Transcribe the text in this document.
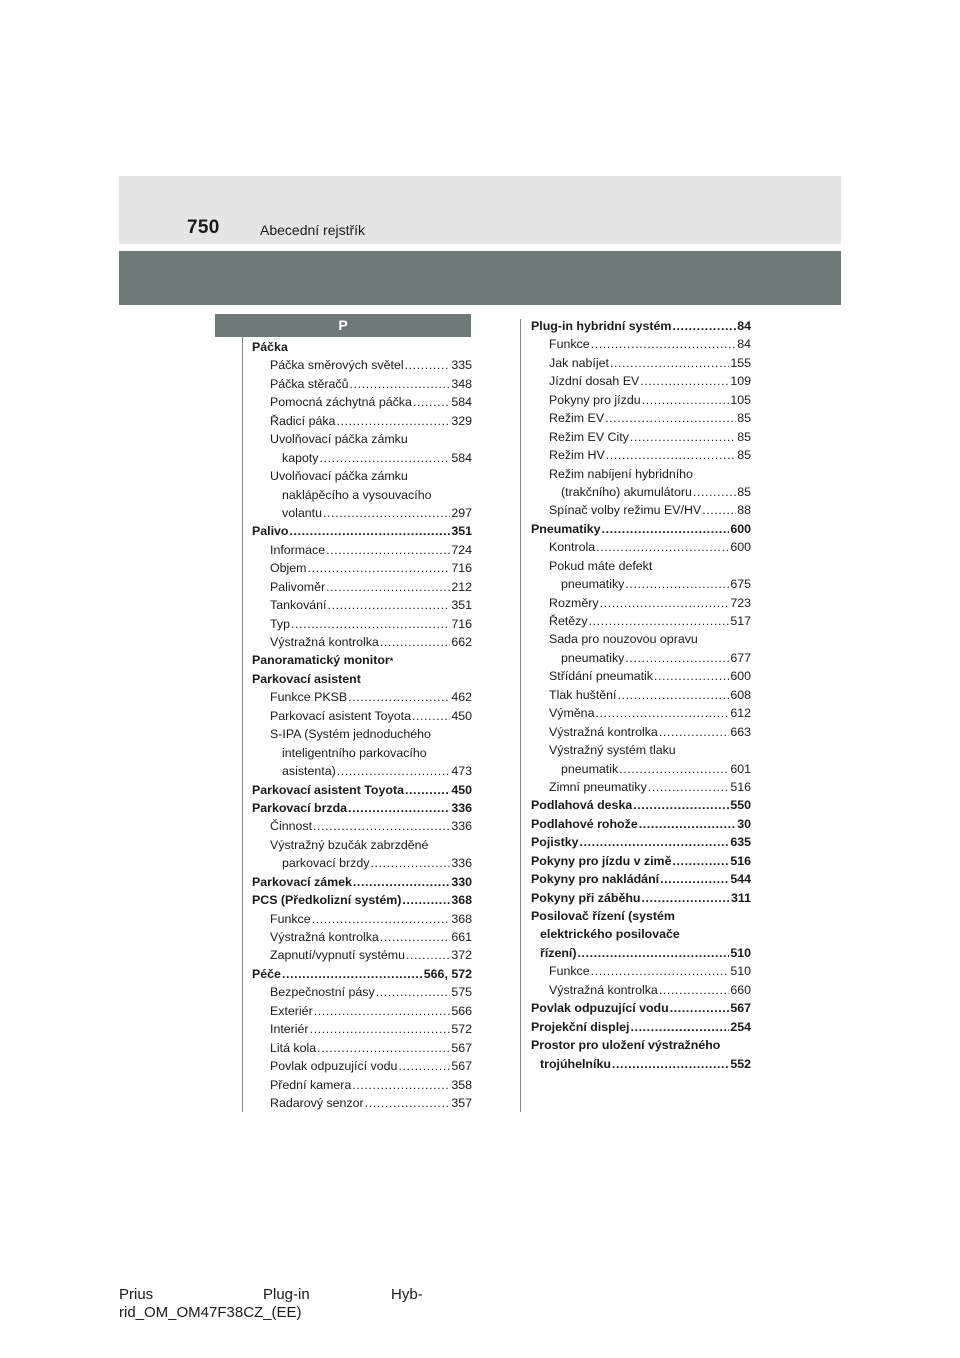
750	Abecední rejstřík
P
Páčka
Páčka směrových světel .....	335
Páčka stěračů .....	348
Pomocná záchytná páčka .....	584
Řadicí páka .....	329
Uvolňovací páčka zámku
kapoty .....	584
Uvolňovací páčka zámku
naklápěcího a vysouvacího
volantu .....	297
Palivo .....	351
Informace .....	724
Objem .....	716
Palivoměr .....	212
Tankování .....	351
Typ .....	716
Výstražná kontrolka .....	662
Panoramatický monitor *
Parkovací asistent
Funkce PKSB .....	462
Parkovací asistent Toyota .....	450
S-IPA (Systém jednoduchého
inteligentního parkovacího
asistenta) .....	473
Parkovací asistent Toyota .....	450
Parkovací brzda .....	336
Činnost .....	336
Výstražný bzučák zabrzděné
parkovací brzdy .....	336
Parkovací zámek .....	330
PCS (Předkolizní systém) .....	368
Funkce .....	368
Výstražná kontrolka .....	661
Zapnutí/vypnutí systému .....	372
Péče .....	566, 572
Bezpečnostní pásy .....	575
Exteriér .....	566
Interiér .....	572
Litá kola .....	567
Povlak odpuzující vodu .....	567
Přední kamera .....	358
Radarový senzor .....	357
Plug-in hybridní systém .....	84
Funkce .....	84
Jak nabíjet .....	155
Jízdní dosah EV .....	109
Pokyny pro jízdu .....	105
Režim EV .....	85
Režim EV City .....	85
Režim HV .....	85
Režim nabíjení hybridního
(trakčního) akumulátoru .....	85
Spínač volby režimu EV/HV .....	88
Pneumatiky .....	600
Kontrola .....	600
Pokud máte defekt
pneumatiky .....	675
Rozměry .....	723
Řetězy .....	517
Sada pro nouzovou opravu
pneumatiky .....	677
Střídání pneumatik .....	600
Tlak huštění .....	608
Výměna .....	612
Výstražná kontrolka .....	663
Výstražný systém tlaku
pneumatik .....	601
Zimní pneumatiky .....	516
Podlahová deska .....	550
Podlahové rohože .....	30
Pojistky .....	635
Pokyny pro jízdu v zimě .....	516
Pokyny pro nakládání .....	544
Pokyny při záběhu .....	311
Posilovač řízení (systém
elektrického posilovače
řízení) .....	510
Funkce .....	510
Výstražná kontrolka .....	660
Povlak odpuzující vodu .....	567
Projekční displej .....	254
Prostor pro uložení výstražného
trojúhelníku .....	552
Prius	Plug-in	Hyb-
rid_OM_OM47F38CZ_(EE)
